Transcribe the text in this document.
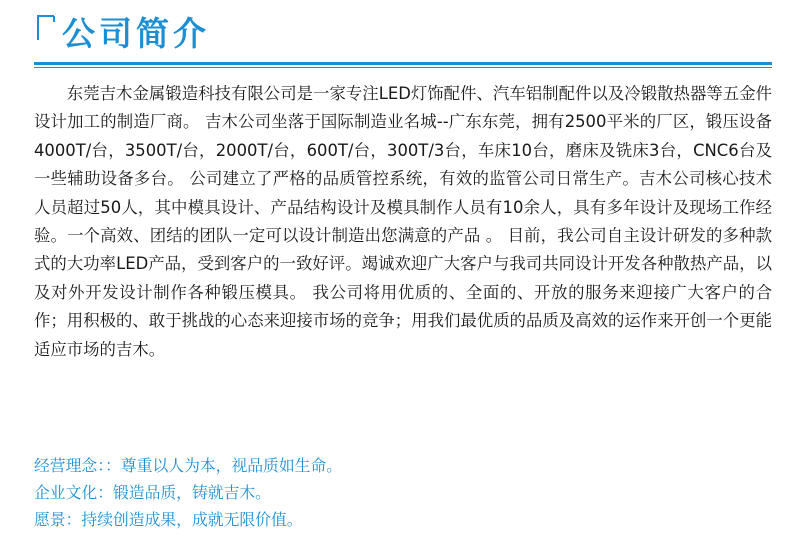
公司简介

东莞吉木金属锻造科技有限公司是一家专注LED灯饰配件、汽车铝制配件以及冷锻散热器等五金件设计加工的制造厂商。 吉木公司坐落于国际制造业名城--广东东莞，拥有2500平米的厂区，锻压设备4000T/台，3500T/台，2000T/台，600T/台，300T/3台，车床10台，磨床及铣床3台，CNC6台及一些辅助设备多台。 公司建立了严格的品质管控系统，有效的监管公司日常生产。吉木公司核心技术人员超过50人，其中模具设计、产品结构设计及模具制作人员有10余人，具有多年设计及现场工作经验。一个高效、团结的团队一定可以设计制造出您满意的产品 。 目前，我公司自主设计研发的多种款式的大功率LED产品，受到客户的一致好评。竭诚欢迎广大客户与我司共同设计开发各种散热产品，以及对外开发设计制作各种锻压模具。 我公司将用优质的、全面的、开放的服务来迎接广大客户的合作；用积极的、敢于挑战的心态来迎接市场的竞争；用我们最优质的品质及高效的运作来开创一个更能适应市场的吉木。

经营理念：：尊重以人为本，视品质如生命。
企业文化：锻造品质，铸就吉木。
愿景：持续创造成果，成就无限价值。
